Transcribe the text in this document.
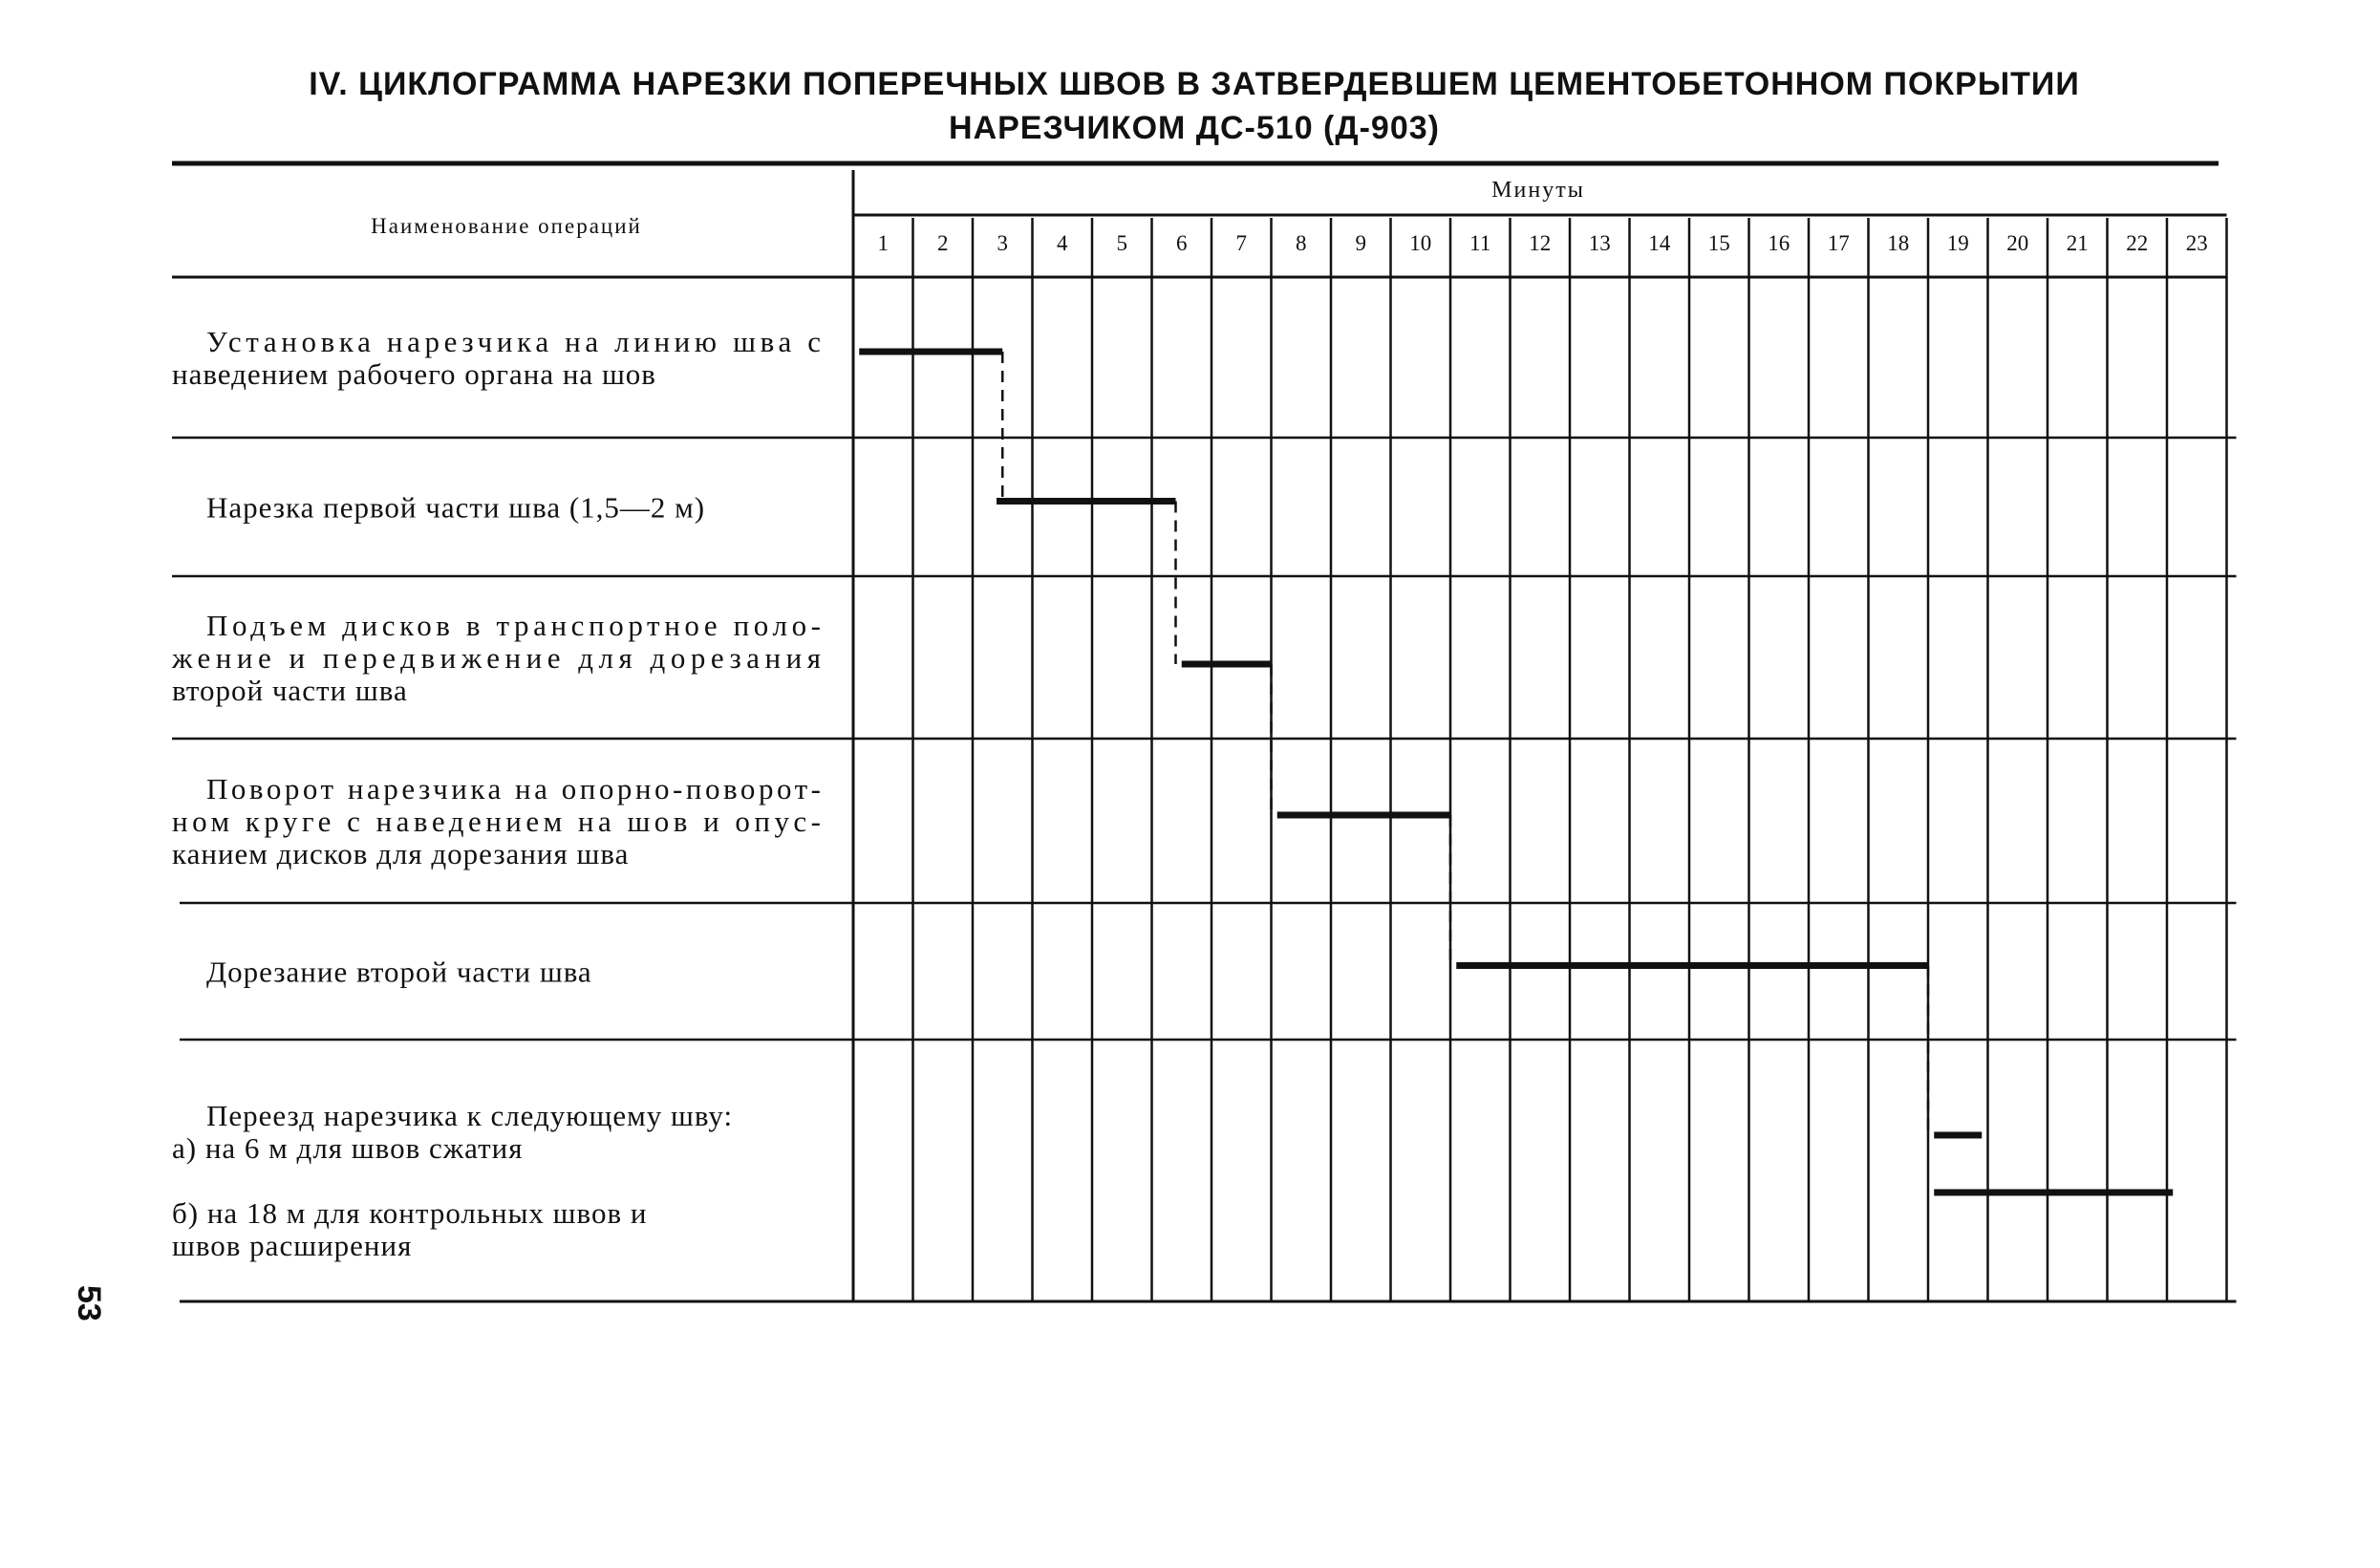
IV. ЦИКЛОГРАММА НАРЕЗКИ ПОПЕРЕЧНЫХ ШВОВ В ЗАТВЕРДЕВШЕМ ЦЕМЕНТОБЕТОННОМ ПОКРЫТИИ
НАРЕЗЧИКОМ ДС-510 (Д-903)
Наименование операций
Минуты
1 2 3 4 5 6 7 8 9 10 11 12 13 14 15 16 17 18 19 20 21 22 23
Установка нарезчика на линию шва с
наведением рабочего органа на шов
Нарезка первой части шва (1,5—2 м)
Подъем дисков в транспортное поло-
жение и передвижение для дорезания
второй части шва
Поворот нарезчика на опорно-поворот-
ном круге с наведением на шов и опус-
канием дисков для дорезания шва
Дорезание второй части шва
Переезд нарезчика к следующему шву:
а) на 6 м для швов сжатия
б) на 18 м для контрольных швов и
швов расширения
53
